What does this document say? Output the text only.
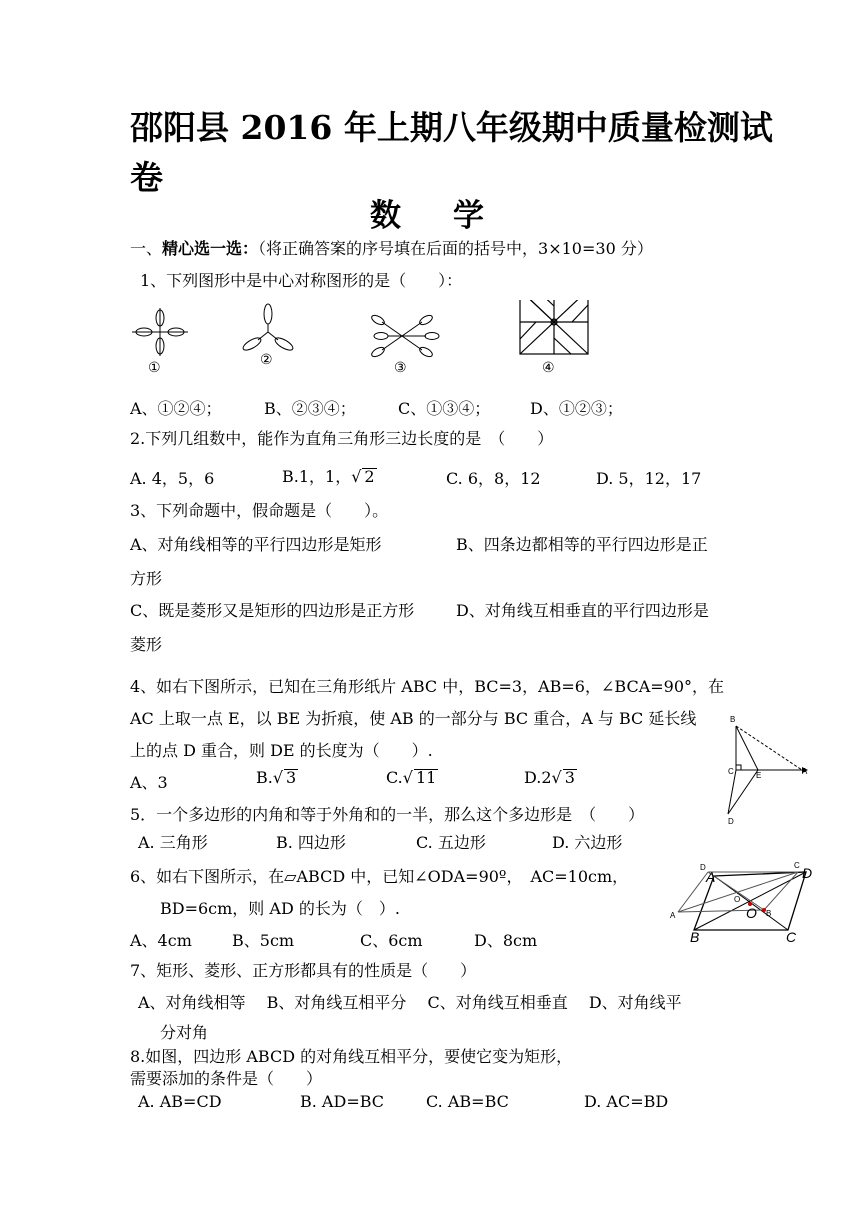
邵阳县 2016 年上期八年级期中质量检测试
卷
数学
一、精心选一选：（将正确答案的序号填在后面的括号中，3×10=30 分）
1、下列图形中是中心对称图形的是（　　）：
①	②	③	④
A、①②④；	B、②③④；	C、①③④； D、①②③；
2.下列几组数中，能作为直角三角形三边长度的是　（　　）
A. 4，5，6	B.1，1，√ 2	C. 6，8，12	D. 5，12，17
3、下列命题中，假命题是（　　）。
A、对角线相等的平行四边形是矩形	B、四条边都相等的平行四边形是正
方形
C、既是菱形又是矩形的四边形是正方形	D、对角线互相垂直的平行四边形是
菱形
4、如右下图所示，已知在三角形纸片 ABC 中，BC=3，AB=6，∠BCA=90°，在
AC 上取一点 E，以 BE 为折痕，使 AB 的一部分与 BC 重合，A 与 BC 延长线
上的点 D 重合，则 DE 的长度为（　　）.
A、3	B.√ 3	C.√ 11	D.2√ 3
B
C	E	A
D
5．一个多边形的内角和等于外角和的一半，那么这个多边形是　（　　）
A. 三角形	B. 四边形	C. 五边形	D. 六边形
6、如右下图所示，在▱ABCD 中，已知∠ODA=90º，　AC=10cm，
BD=6cm，则 AD 的长为（　）.
A、4cm	B、5cm	C、6cm	D、8cm
D
A
C D
O
B
A
B	C
O
7、矩形、菱形、正方形都具有的性质是（　　）
A、对角线相等　 B、对角线互相平分　 C、对角线互相垂直　 D、对角线平
分对角
8.如图，四边形 ABCD 的对角线互相平分，要使它变为矩形，
需要添加的条件是（　　）
A. AB=CD	B. AD=BC	C. AB=BC	D. AC=BD
